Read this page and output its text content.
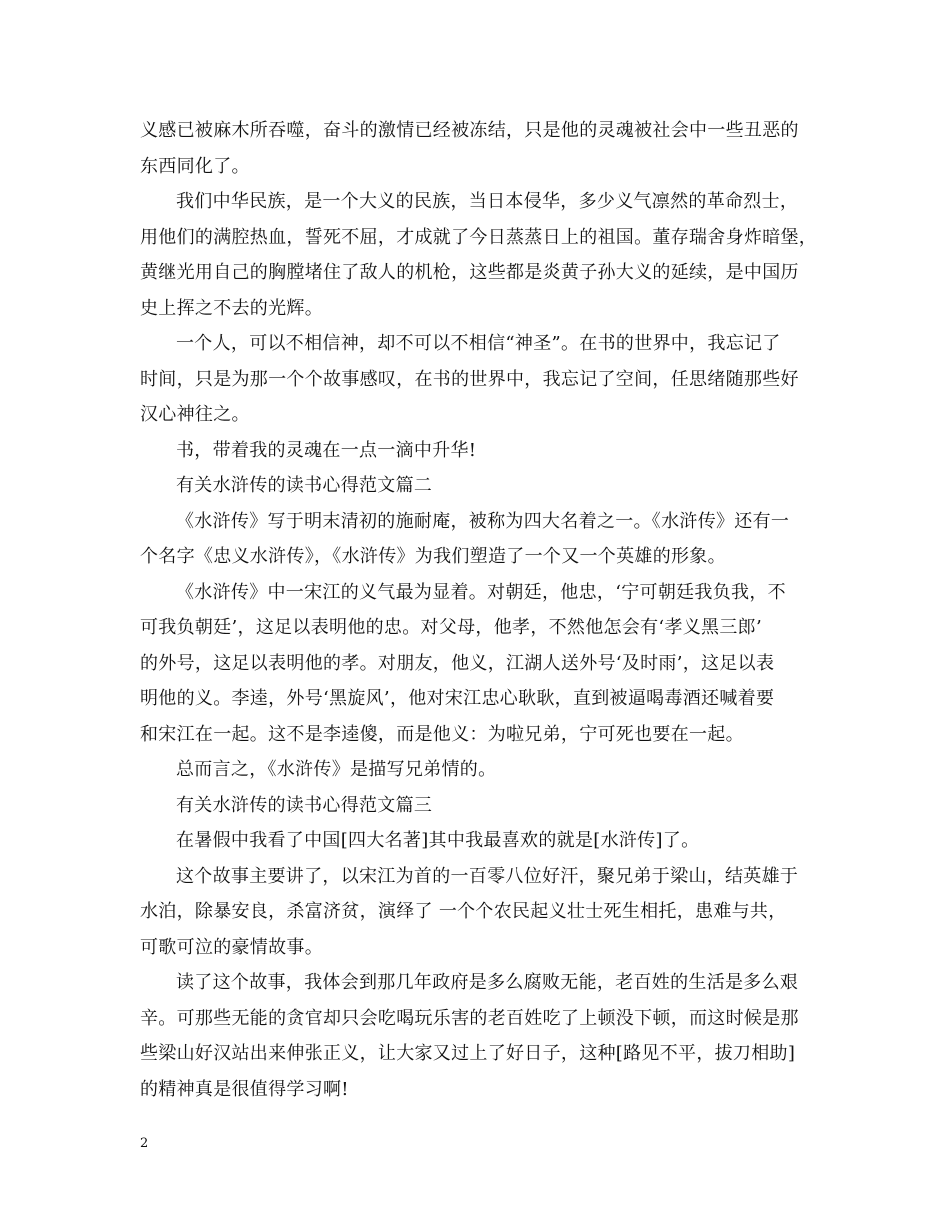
义感已被麻木所吞噬，奋斗的激情已经被冻结，只是他的灵魂被社会中一些丑恶的
东西同化了。
我们中华民族，是一个大义的民族，当日本侵华，多少义气凛然的革命烈士，
用他们的满腔热血，誓死不屈，才成就了今日蒸蒸日上的祖国。董存瑞舍身炸暗堡，
黄继光用自己的胸膛堵住了敌人的机枪，这些都是炎黄子孙大义的延续，是中国历
史上挥之不去的光辉。
一个人，可以不相信神，却不可以不相信“神圣”。在书的世界中，我忘记了
时间，只是为那一个个故事感叹，在书的世界中，我忘记了空间，任思绪随那些好
汉心神往之。
书，带着我的灵魂在一点一滴中升华!
有关水浒传的读书心得范文篇二
《水浒传》写于明末清初的施耐庵，被称为四大名着之一。《水浒传》还有一
个名字《忠义水浒传》，《水浒传》为我们塑造了一个又一个英雄的形象。
《水浒传》中一宋江的义气最为显着。对朝廷，他忠，‘宁可朝廷我负我，不
可我负朝廷’，这足以表明他的忠。对父母，他孝，不然他怎会有‘孝义黑三郎’
的外号，这足以表明他的孝。对朋友，他义，江湖人送外号‘及时雨’，这足以表
明他的义。李逵，外号‘黑旋风’，他对宋江忠心耿耿，直到被逼喝毒酒还喊着要
和宋江在一起。这不是李逵傻，而是他义：为啦兄弟，宁可死也要在一起。
总而言之，《水浒传》是描写兄弟情的。
有关水浒传的读书心得范文篇三
在暑假中我看了中国[四大名著]其中我最喜欢的就是[水浒传]了。
这个故事主要讲了，以宋江为首的一百零八位好汗，聚兄弟于梁山，结英雄于
水泊，除暴安良，杀富济贫，演绎了 一个个农民起义壮士死生相托，患难与共，
可歌可泣的豪情故事。
读了这个故事，我体会到那几年政府是多么腐败无能，老百姓的生活是多么艰
辛。可那些无能的贪官却只会吃喝玩乐害的老百姓吃了上顿没下顿，而这时候是那
些梁山好汉站出来伸张正义，让大家又过上了好日子，这种[路见不平，拔刀相助]
的精神真是很值得学习啊!
2
